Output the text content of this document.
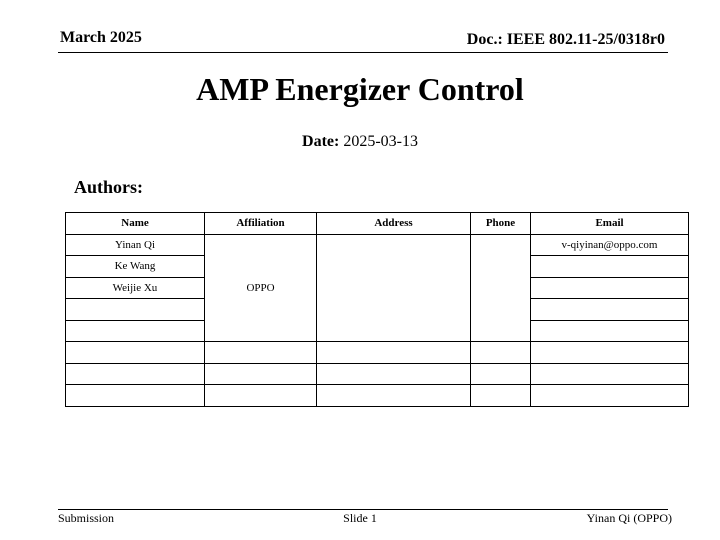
March 2025	Doc.: IEEE 802.11-25/0318r0
AMP Energizer Control
Date: 2025-03-13
Authors:
Name	Affiliation	Address	Phone	Email
Yinan Qi	OPPO			v-qiyinan@oppo.com
Ke Wang				
Weijie Xu				

Submission	Slide 1	Yinan Qi (OPPO)
